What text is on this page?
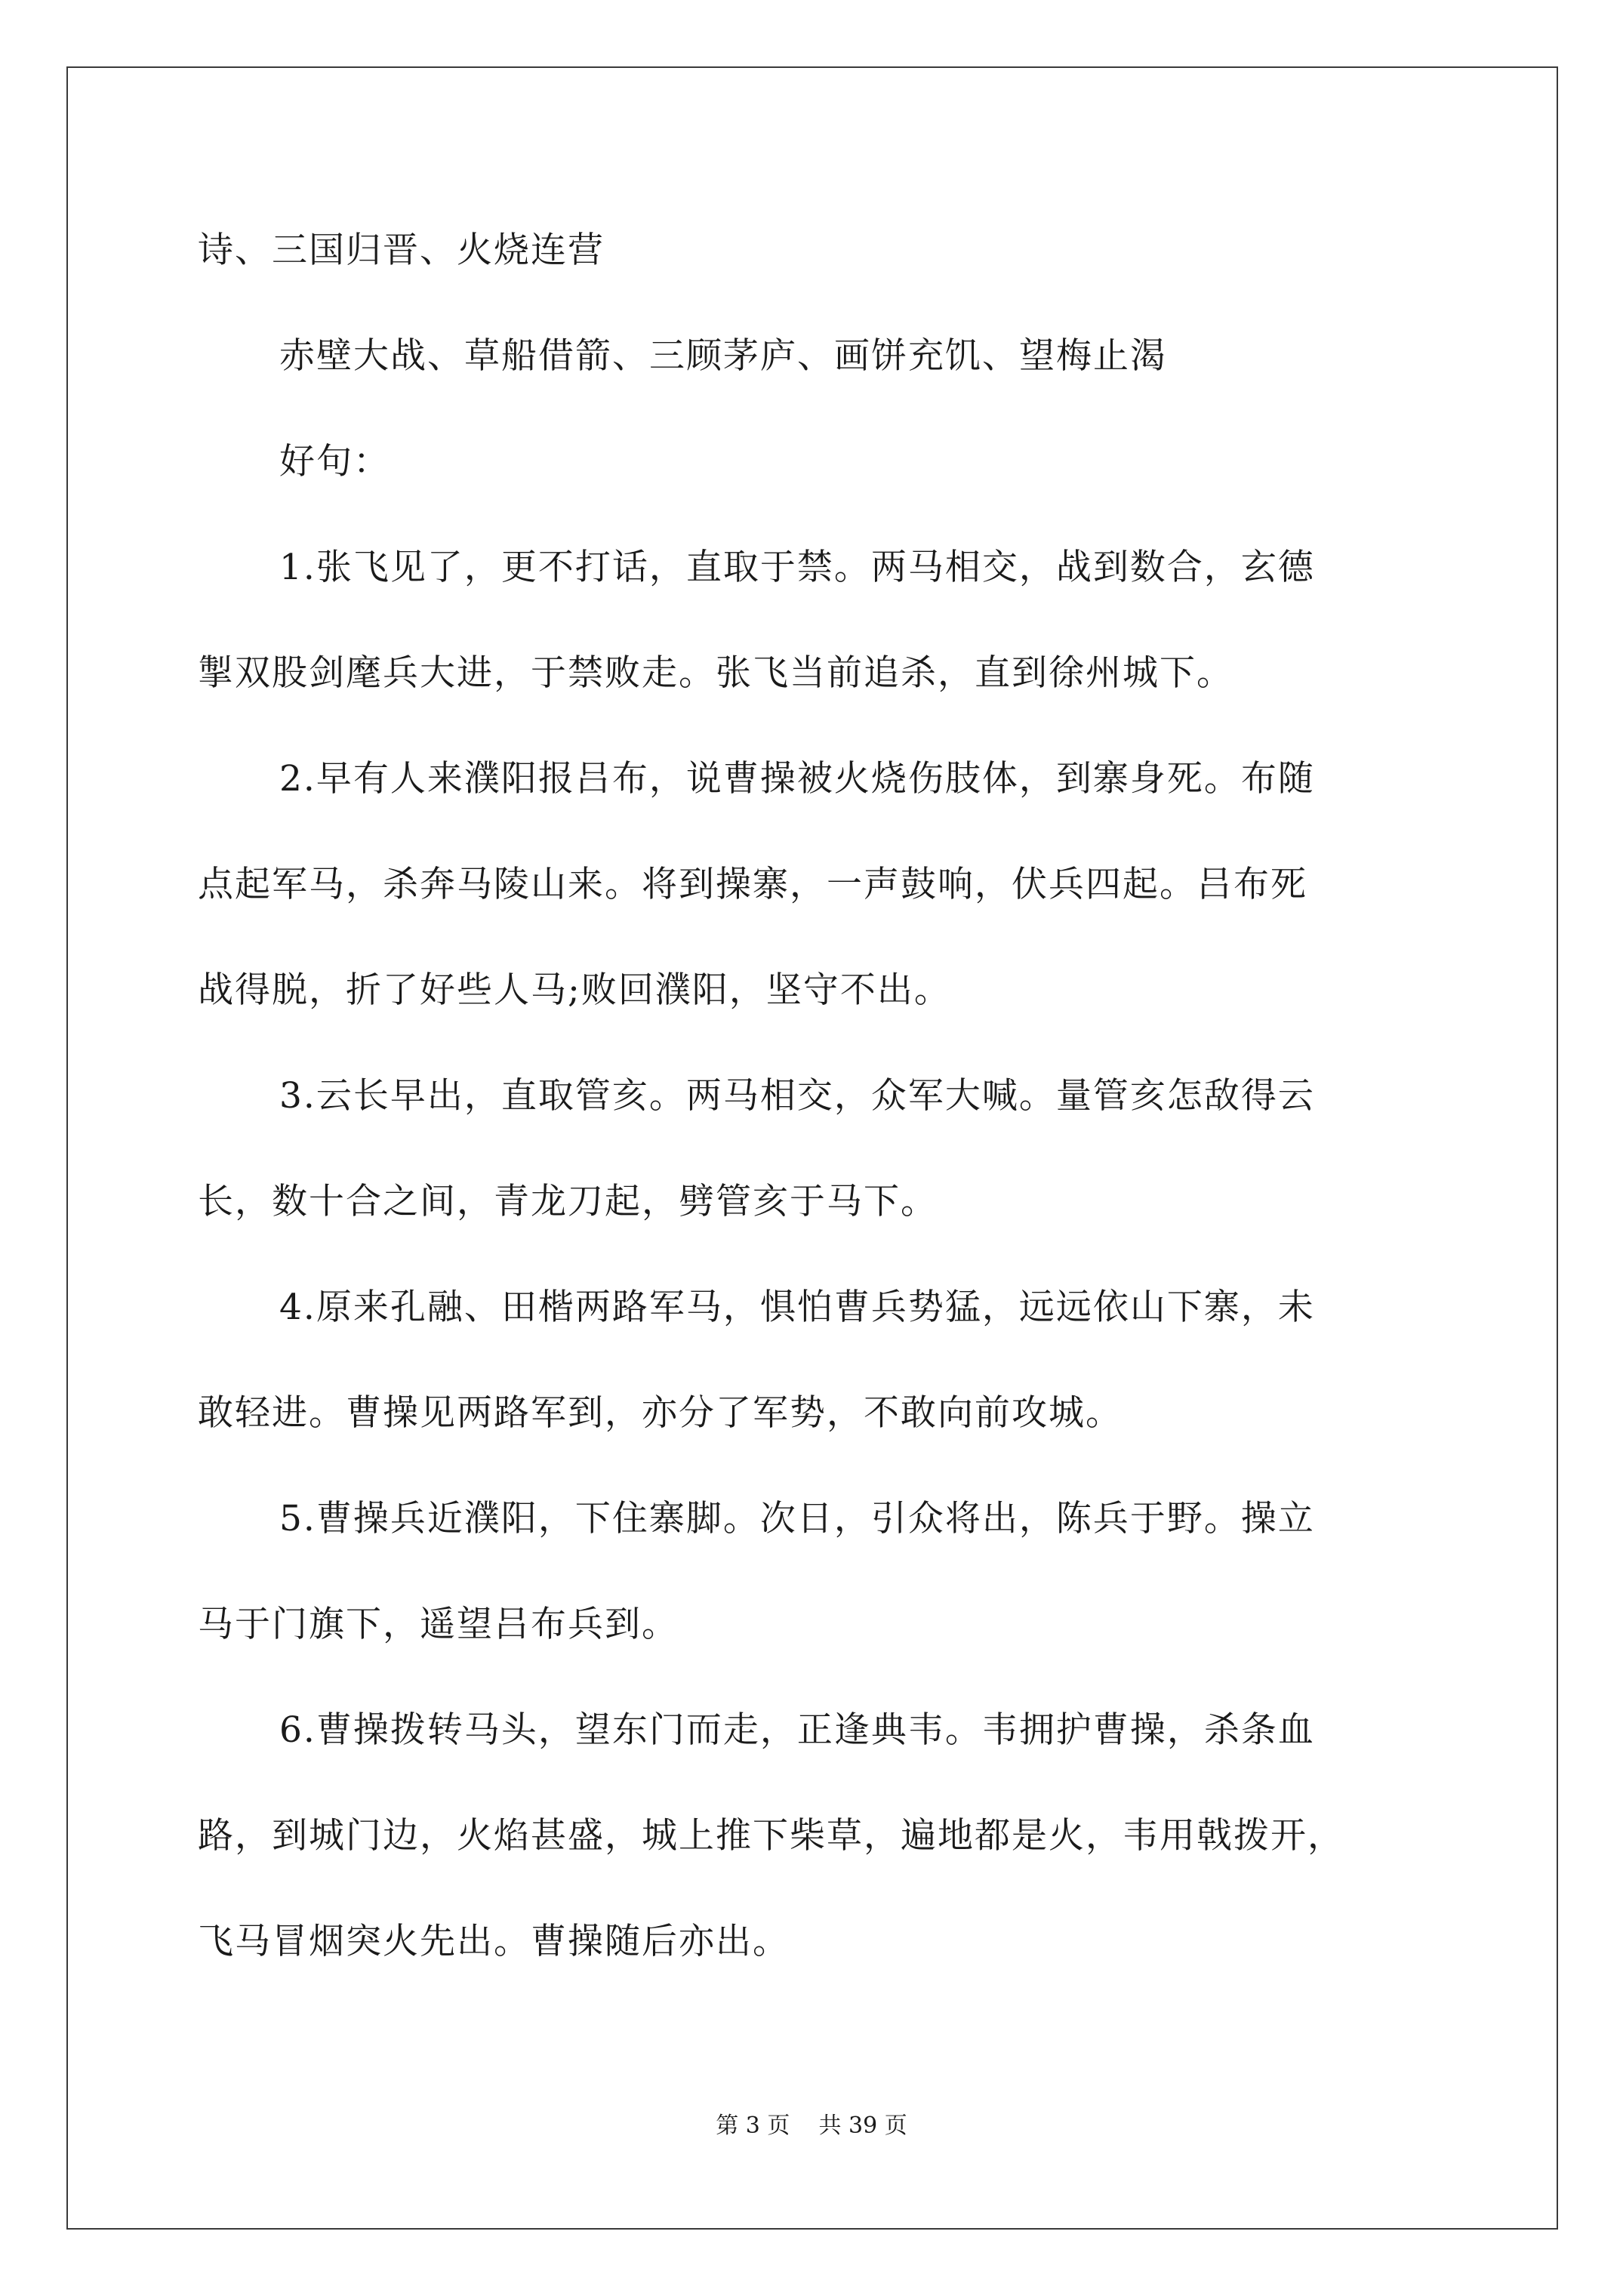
诗、三国归晋、火烧连营
赤壁大战、草船借箭、三顾茅庐、画饼充饥、望梅止渴
好句：
1.张飞见了，更不打话，直取于禁。两马相交，战到数合，玄德
掣双股剑麾兵大进，于禁败走。张飞当前追杀，直到徐州城下。
2.早有人来濮阳报吕布，说曹操被火烧伤肢体，到寨身死。布随
点起军马，杀奔马陵山来。将到操寨，一声鼓响，伏兵四起。吕布死
战得脱，折了好些人马;败回濮阳，坚守不出。
3.云长早出，直取管亥。两马相交，众军大喊。量管亥怎敌得云
长，数十合之间，青龙刀起，劈管亥于马下。
4.原来孔融、田楷两路军马，惧怕曹兵势猛，远远依山下寨，未
敢轻进。曹操见两路军到，亦分了军势，不敢向前攻城。
5.曹操兵近濮阳，下住寨脚。次日，引众将出，陈兵于野。操立
马于门旗下，遥望吕布兵到。
6.曹操拨转马头，望东门而走，正逢典韦。韦拥护曹操，杀条血
路，到城门边，火焰甚盛，城上推下柴草，遍地都是火，韦用戟拨开，
飞马冒烟突火先出。曹操随后亦出。
第 3 页    共 39 页
